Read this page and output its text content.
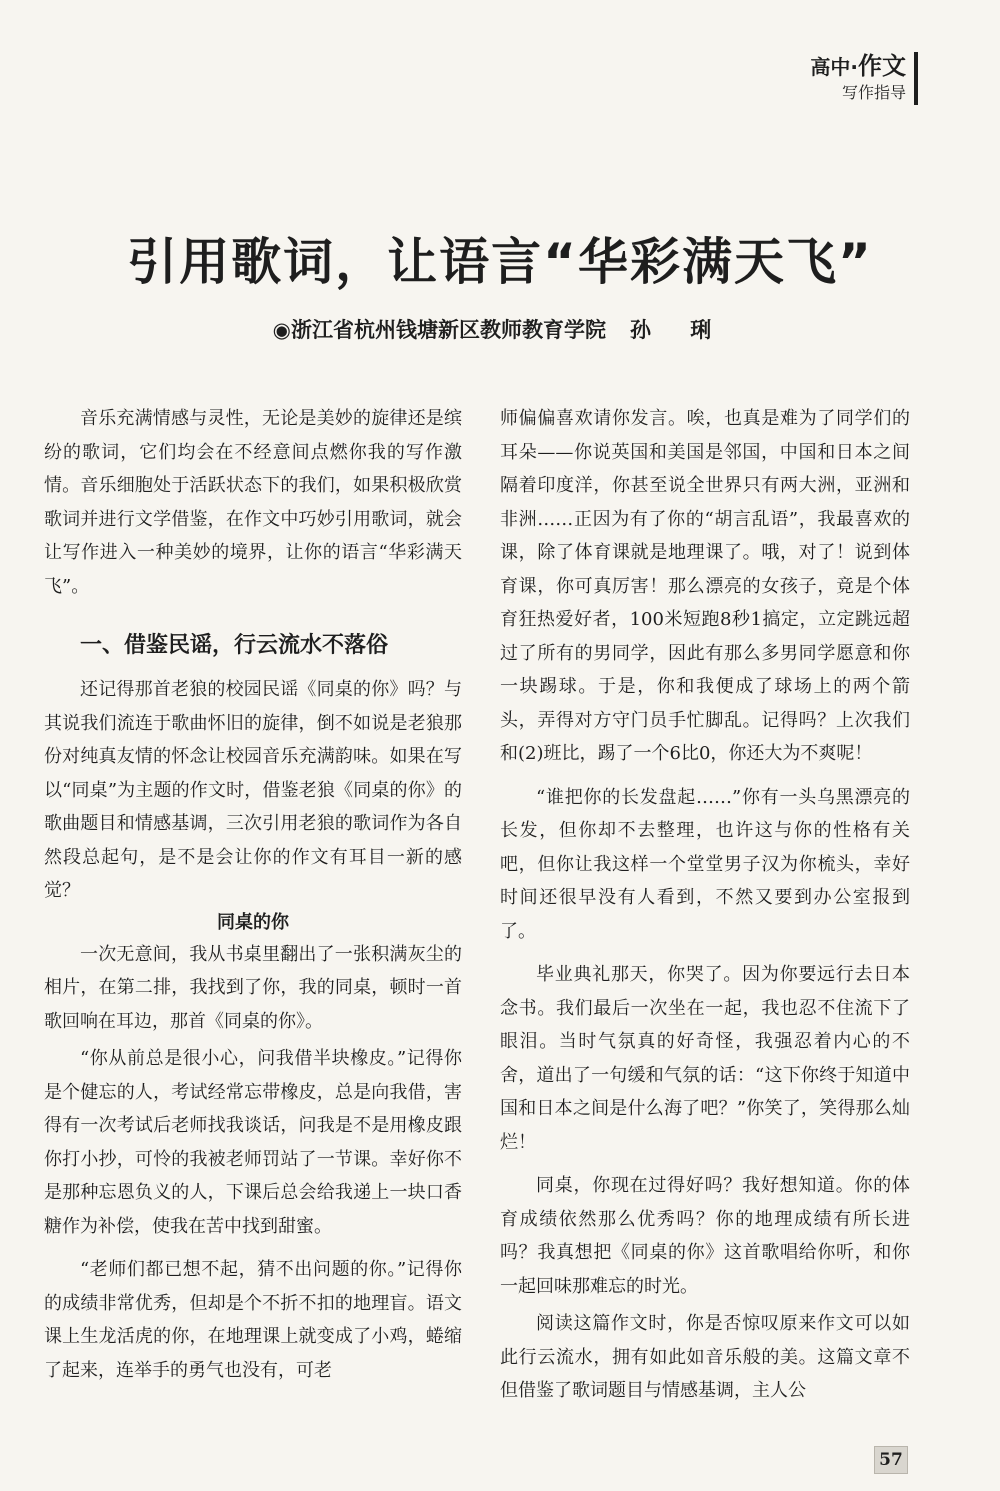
高中·作文
写作指导
引用歌词，让语言“华彩满天飞”
◉浙江省杭州钱塘新区教师教育学院 孙 琍

音乐充满情感与灵性，无论是美妙的旋律还是缤纷的歌词，它们均会在不经意间点燃你我的写作激情。音乐细胞处于活跃状态下的我们，如果积极欣赏歌词并进行文学借鉴，在作文中巧妙引用歌词，就会让写作进入一种美妙的境界，让你的语言“华彩满天飞”。

一、借鉴民谣，行云流水不落俗

还记得那首老狼的校园民谣《同桌的你》吗？与其说我们流连于歌曲怀旧的旋律，倒不如说是老狼那份对纯真友情的怀念让校园音乐充满韵味。如果在写以“同桌”为主题的作文时，借鉴老狼《同桌的你》的歌曲题目和情感基调，三次引用老狼的歌词作为各自然段总起句，是不是会让你的作文有耳目一新的感觉？

同桌的你

一次无意间，我从书桌里翻出了一张积满灰尘的相片，在第二排，我找到了你，我的同桌，顿时一首歌回响在耳边，那首《同桌的你》。

“你从前总是很小心，问我借半块橡皮。”记得你是个健忘的人，考试经常忘带橡皮，总是向我借，害得有一次考试后老师找我谈话，问我是不是用橡皮跟你打小抄，可怜的我被老师罚站了一节课。幸好你不是那种忘恩负义的人，下课后总会给我递上一块口香糖作为补偿，使我在苦中找到甜蜜。

“老师们都已想不起，猜不出问题的你。”记得你的成绩非常优秀，但却是个不折不扣的地理盲。语文课上生龙活虎的你，在地理课上就变成了小鸡，蜷缩了起来，连举手的勇气也没有，可老

师偏偏喜欢请你发言。唉，也真是难为了同学们的耳朵——你说英国和美国是邻国，中国和日本之间隔着印度洋，你甚至说全世界只有两大洲，亚洲和非洲……正因为有了你的“胡言乱语”，我最喜欢的课，除了体育课就是地理课了。哦，对了！说到体育课，你可真厉害！那么漂亮的女孩子，竟是个体育狂热爱好者，100米短跑8秒1搞定，立定跳远超过了所有的男同学，因此有那么多男同学愿意和你一块踢球。于是，你和我便成了球场上的两个箭头，弄得对方守门员手忙脚乱。记得吗？上次我们和(2)班比，踢了一个6比0，你还大为不爽呢！

“谁把你的长发盘起……”你有一头乌黑漂亮的长发，但你却不去整理，也许这与你的性格有关吧，但你让我这样一个堂堂男子汉为你梳头，幸好时间还很早没有人看到，不然又要到办公室报到了。

毕业典礼那天，你哭了。因为你要远行去日本念书。我们最后一次坐在一起，我也忍不住流下了眼泪。当时气氛真的好奇怪，我强忍着内心的不舍，道出了一句缓和气氛的话：“这下你终于知道中国和日本之间是什么海了吧？”你笑了，笑得那么灿烂！

同桌，你现在过得好吗？我好想知道。你的体育成绩依然那么优秀吗？你的地理成绩有所长进吗？我真想把《同桌的你》这首歌唱给你听，和你一起回味那难忘的时光。

阅读这篇作文时，你是否惊叹原来作文可以如此行云流水，拥有如此如音乐般的美。这篇文章不但借鉴了歌词题目与情感基调，主人公

57
